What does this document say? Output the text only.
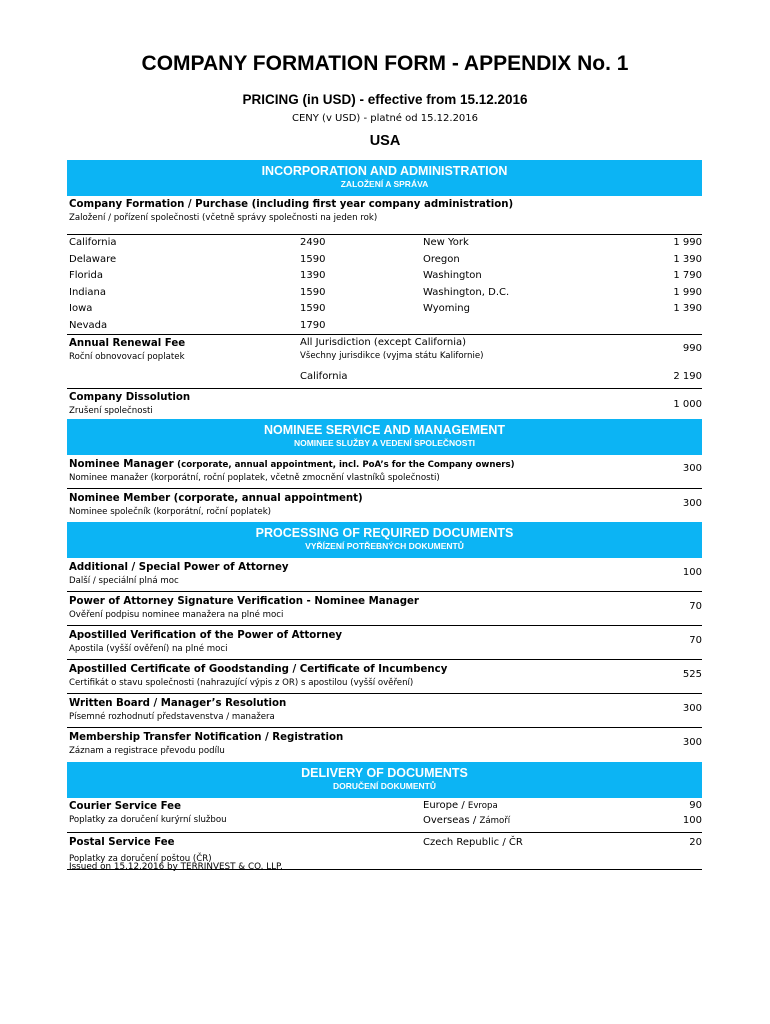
COMPANY FORMATION FORM - APPENDIX No. 1
PRICING (in USD) - effective from 15.12.2016
CENY (v USD) - platné od 15.12.2016
USA
INCORPORATION AND ADMINISTRATION
ZALOŽENÍ A SPRÁVA
Company Formation / Purchase (including first year company administration)
Založení / pořízení společnosti (včetně správy společnosti na jeden rok)
California	2490	New York	1 990
Delaware	1590	Oregon	1 390
Florida	1390	Washington	1 790
Indiana	1590	Washington, D.C.	1 990
Iowa	1590	Wyoming	1 390
Nevada	1790
Annual Renewal Fee
Roční obnovovací poplatek
All Jurisdiction (except California)
Všechny jurisdikce (vyjma státu Kalifornie)
990
California	2 190
Company Dissolution
Zrušení společnosti
1 000
NOMINEE SERVICE AND MANAGEMENT
NOMINEE SLUŽBY A VEDENÍ SPOLEČNOSTI
Nominee Manager (corporate, annual appointment, incl. PoA’s for the Company owners)
Nominee manažer (korporátní, roční poplatek, včetně zmocnění vlastníků společnosti)
300
Nominee Member (corporate, annual appointment)
Nominee společník (korporátní, roční poplatek)
300
PROCESSING OF REQUIRED DOCUMENTS
VYŘÍZENÍ POTŘEBNÝCH DOKUMENTŮ
Additional / Special Power of Attorney
Další / speciální plná moc
100
Power of Attorney Signature Verification - Nominee Manager
Ověření podpisu nominee manažera na plné moci
70
Apostilled Verification of the Power of Attorney
Apostila (vyšší ověření) na plné moci
70
Apostilled Certificate of Goodstanding / Certificate of Incumbency
Certifikát o stavu společnosti (nahrazující výpis z OR) s apostilou (vyšší ověření)
525
Written Board / Manager’s Resolution
Písemné rozhodnutí představenstva / manažera
300
Membership Transfer Notification / Registration
Záznam a registrace převodu podílu
300
DELIVERY OF DOCUMENTS
DORUČENÍ DOKUMENTŮ
Courier Service Fee
Poplatky za doručení kurýrní službou
Europe / Evropa	90
Overseas / Zámoří	100
Postal Service Fee
Poplatky za doručení poštou (ČR)
Czech Republic / ČR	20
Issued on 15.12.2016 by TERRINVEST & CO. LLP.
